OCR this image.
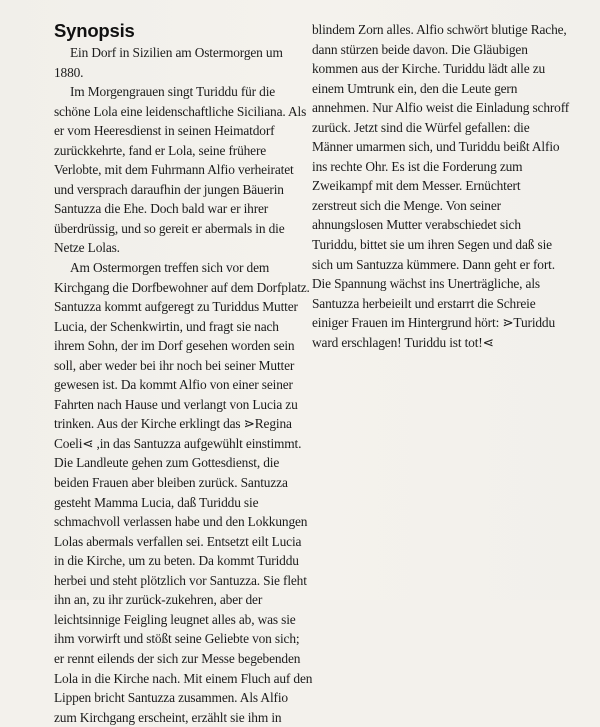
Synopsis

Ein Dorf in Sizilien am Ostermorgen um
1880.

Im Morgengrauen singt Turiddu für die
schöne Lola eine leidenschaftliche Siciliana. Als
er vom Heeresdienst in seinen Heimatdorf
zurückkehrte, fand er Lola, seine frühere
Verlobte, mit dem Fuhrmann Alfio verheiratet
und versprach daraufhin der jungen Bäuerin
Santuzza die Ehe. Doch bald war er ihrer
überdrüssig, und so gereit er abermals in die
Netze Lolas.

Am Ostermorgen treffen sich vor dem
Kirchgang die Dorfbewohner auf dem Dorfplatz.
Santuzza kommt aufgeregt zu Turiddus Mutter
Lucia, der Schenkwirtin, und fragt sie nach
ihrem Sohn, der im Dorf gesehen worden sein
soll, aber weder bei ihr noch bei seiner Mutter
gewesen ist. Da kommt Alfio von einer seiner
Fahrten nach Hause und verlangt von Lucia zu
trinken. Aus der Kirche erklingt das ⋗Regina
Coeli⋖ ,in das Santuzza aufgewühlt einstimmt.
Die Landleute gehen zum Gottesdienst, die
beiden Frauen aber bleiben zurück. Santuzza
gesteht Mamma Lucia, daß Turiddu sie
schmachvoll verlassen habe und den Lokkungen
Lolas abermals verfallen sei. Entsetzt eilt Lucia
in die Kirche, um zu beten. Da kommt Turiddu
herbei und steht plötzlich vor Santuzza. Sie fleht
ihn an, zu ihr zurück-zukehren, aber der
leichtsinnige Feigling leugnet alles ab, was sie
ihm vorwirft und stößt seine Geliebte von sich;
er rennt eilends der sich zur Messe begebenden
Lola in die Kirche nach. Mit einem Fluch auf den
Lippen bricht Santuzza zusammen. Als Alfio
zum Kirchgang erscheint, erzählt sie ihm in

blindem Zorn alles. Alfio schwört blutige Rache,
dann stürzen beide davon. Die Gläubigen
kommen aus der Kirche. Turiddu lädt alle zu
einem Umtrunk ein, den die Leute gern
annehmen. Nur Alfio weist die Einladung schroff
zurück. Jetzt sind die Würfel gefallen: die
Männer umarmen sich, und Turiddu beißt Alfio
ins rechte Ohr. Es ist die Forderung zum
Zweikampf mit dem Messer. Ernüchtert
zerstreut sich die Menge. Von seiner
ahnungslosen Mutter verabschiedet sich
Turiddu, bittet sie um ihren Segen und daß sie
sich um Santuzza kümmere. Dann geht er fort.
Die Spannung wächst ins Unerträgliche, als
Santuzza herbeieilt und erstarrt die Schreie
einiger Frauen im Hintergrund hört: ⋗Turiddu
ward erschlagen! Turiddu ist tot!⋖
